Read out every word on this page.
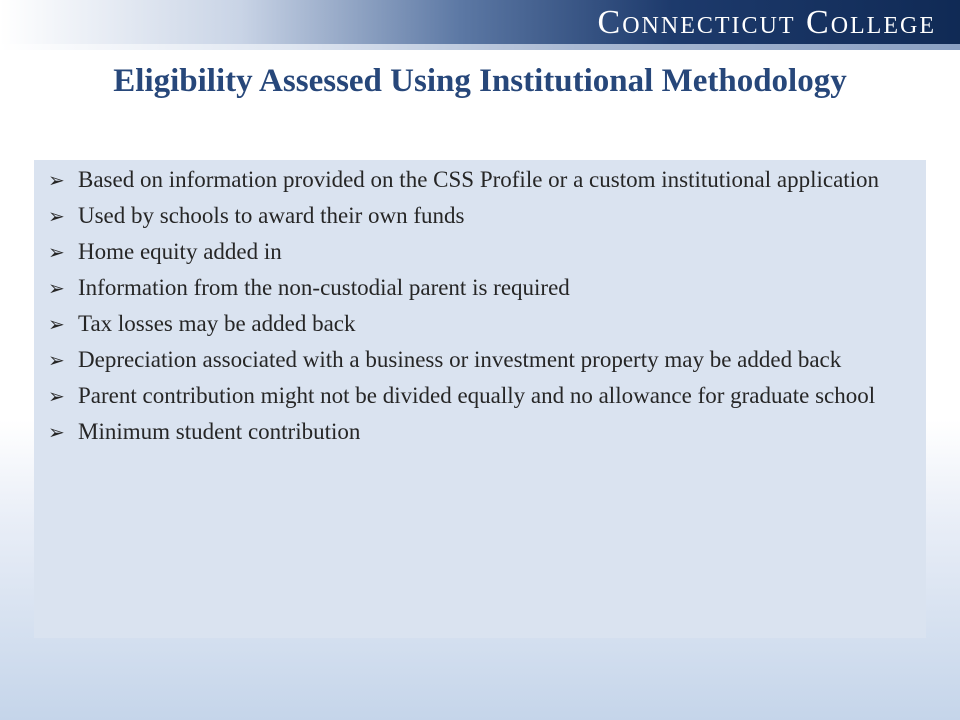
Connecticut College
Eligibility Assessed Using Institutional Methodology
➢ Based on information provided on the CSS Profile or a custom institutional application
➢ Used by schools to award their own funds
➢ Home equity added in
➢ Information from the non-custodial parent is required
➢ Tax losses may be added back
➢ Depreciation associated with a business or investment property may be added back
➢ Parent contribution might not be divided equally and no allowance for graduate school
➢ Minimum student contribution
